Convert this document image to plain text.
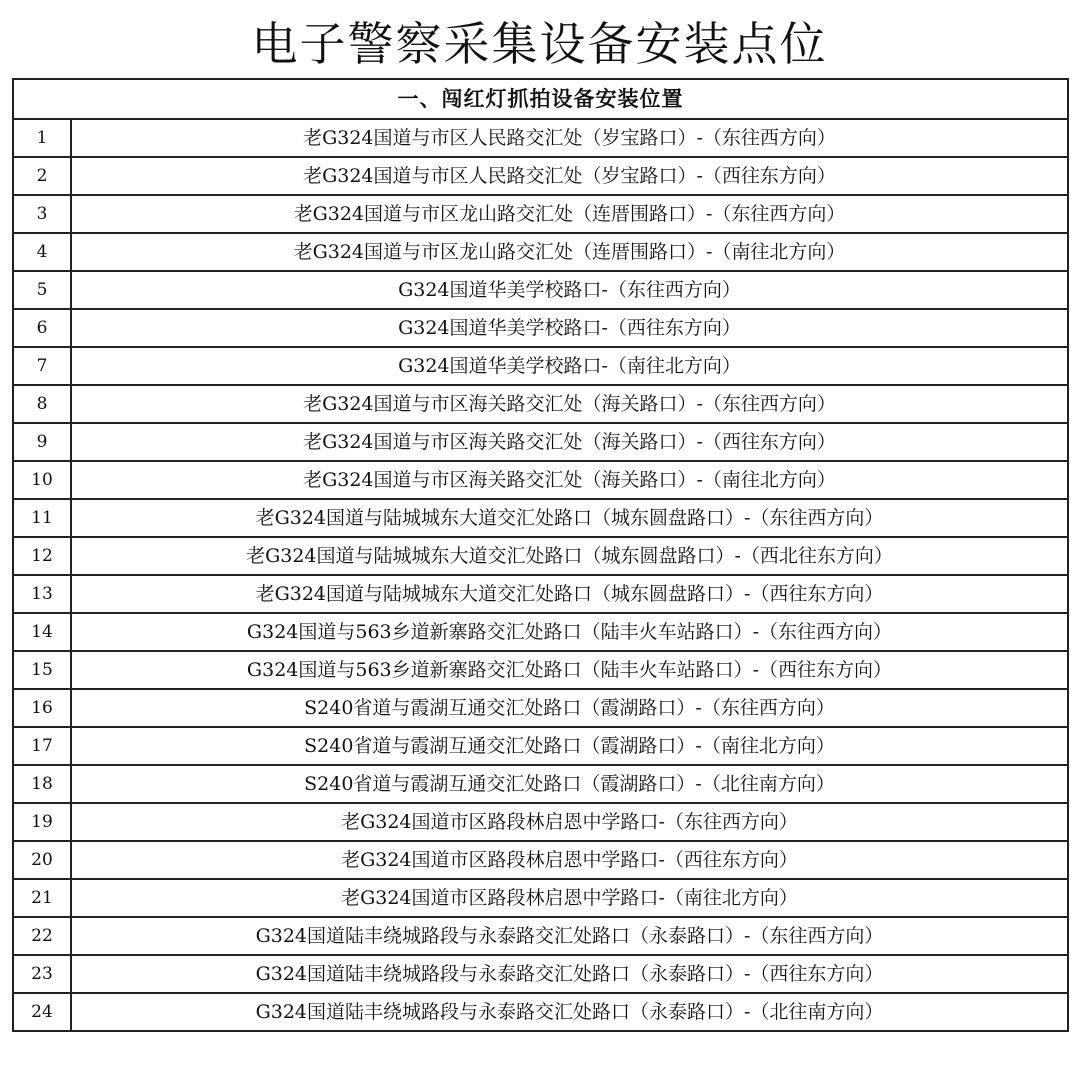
电子警察采集设备安装点位
一、闯红灯抓拍设备安装位置	
1	老G324国道与市区人民路交汇处（岁宝路口）-（东往西方向）
2	老G324国道与市区人民路交汇处（岁宝路口）-（西往东方向）
3	老G324国道与市区龙山路交汇处（连厝围路口）-（东往西方向）
4	老G324国道与市区龙山路交汇处（连厝围路口）-（南往北方向）
5	G324国道华美学校路口-（东往西方向）
6	G324国道华美学校路口-（西往东方向）
7	G324国道华美学校路口-（南往北方向）
8	老G324国道与市区海关路交汇处（海关路口）-（东往西方向）
9	老G324国道与市区海关路交汇处（海关路口）-（西往东方向）
10	老G324国道与市区海关路交汇处（海关路口）-（南往北方向）
11	老G324国道与陆城城东大道交汇处路口（城东圆盘路口）-（东往西方向）
12	老G324国道与陆城城东大道交汇处路口（城东圆盘路口）-（西北往东方向）
13	老G324国道与陆城城东大道交汇处路口（城东圆盘路口）-（西往东方向）
14	G324国道与563乡道新寨路交汇处路口（陆丰火车站路口）-（东往西方向）
15	G324国道与563乡道新寨路交汇处路口（陆丰火车站路口）-（西往东方向）
16	S240省道与霞湖互通交汇处路口（霞湖路口）-（东往西方向）
17	S240省道与霞湖互通交汇处路口（霞湖路口）-（南往北方向）
18	S240省道与霞湖互通交汇处路口（霞湖路口）-（北往南方向）
19	老G324国道市区路段林启恩中学路口-（东往西方向）
20	老G324国道市区路段林启恩中学路口-（西往东方向）
21	老G324国道市区路段林启恩中学路口-（南往北方向）
22	G324国道陆丰绕城路段与永泰路交汇处路口（永泰路口）-（东往西方向）
23	G324国道陆丰绕城路段与永泰路交汇处路口（永泰路口）-（西往东方向）
24	G324国道陆丰绕城路段与永泰路交汇处路口（永泰路口）-（北往南方向）
